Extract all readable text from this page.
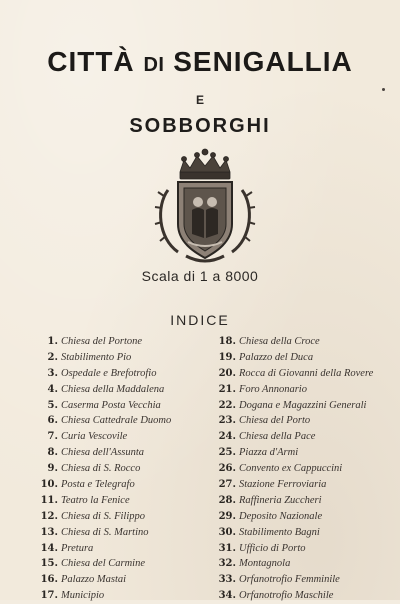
CITTÀ DI SENIGALLIA
E
SOBBORGHI
Scala di 1 a 8000
INDICE
1. Chiesa del Portone
2. Stabilimento Pio
3. Ospedale e Brefotrofio
4. Chiesa della Maddalena
5. Caserma Posta Vecchia
6. Chiesa Cattedrale Duomo
7. Curia Vescovile
8. Chiesa dell'Assunta
9. Chiesa di S. Rocco
10. Posta e Telegrafo
11. Teatro la Fenice
12. Chiesa di S. Filippo
13. Chiesa di S. Martino
14. Pretura
15. Chiesa del Carmine
16. Palazzo Mastai
17. Municipio
18. Chiesa della Croce
19. Palazzo del Duca
20. Rocca di Giovanni della Rovere
21. Foro Annonario
22. Dogana e Magazzini Generali
23. Chiesa del Porto
24. Chiesa della Pace
25. Piazza d'Armi
26. Convento ex Cappuccini
27. Stazione Ferroviaria
28. Raffineria Zuccheri
29. Deposito Nazionale
30. Stabilimento Bagni
31. Ufficio di Porto
32. Montagnola
33. Orfanotrofio Femminile
34. Orfanotrofio Maschile
